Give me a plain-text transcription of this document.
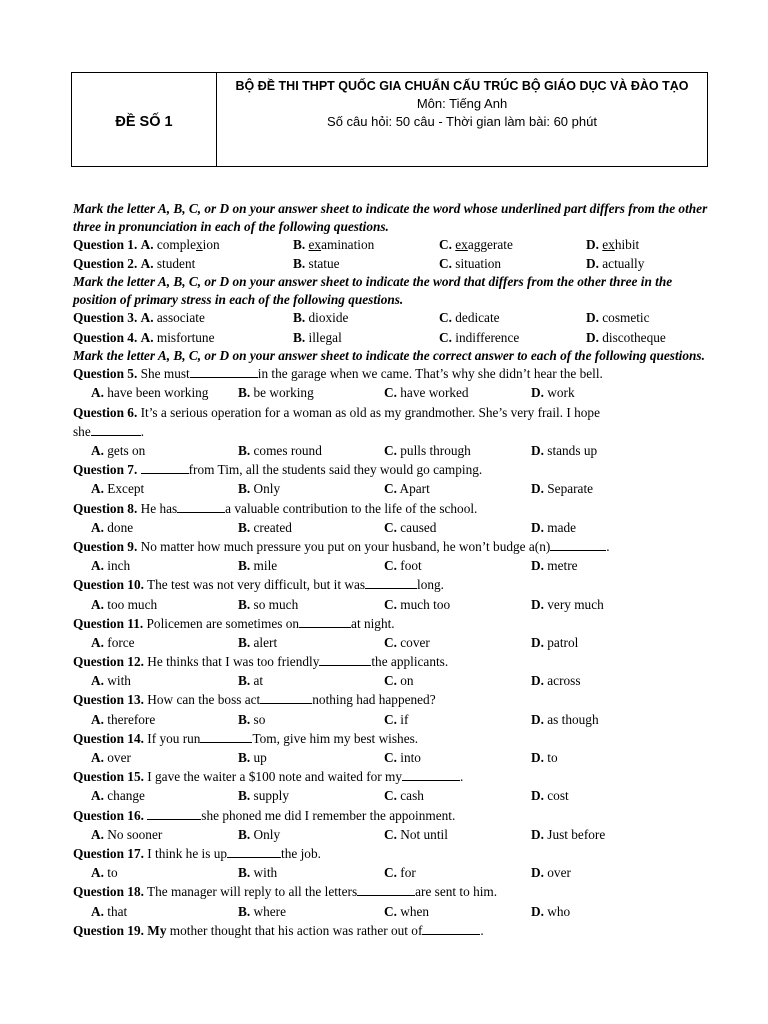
ĐỀ SỐ 1
BỘ ĐỀ THI THPT QUỐC GIA CHUẨN CẤU TRÚC BỘ GIÁO DỤC VÀ ĐÀO TẠO
Môn: Tiếng Anh
Số câu hỏi: 50 câu - Thời gian làm bài: 60 phút
Mark the letter A, B, C, or D on your answer sheet to indicate the word whose underlined part differs from the other three in pronunciation in each of the following questions.
Question 1. A. complexion	B. examination	C. exaggerate	D. exhibit
Question 2. A. student	B. statue	C. situation	D. actually
Mark the letter A, B, C, or D on your answer sheet to indicate the word that differs from the other three in the position of primary stress in each of the following questions.
Question 3. A. associate	B. dioxide	C. dedicate	D. cosmetic
Question 4. A. misfortune	B. illegal	C. indifference	D. discotheque
Mark the letter A, B, C, or D on your answer sheet to indicate the correct answer to each of the following questions.
Question 5. She must	in the garage when we came. That’s why she didn’t hear the bell.
A. have been working B. be working	C. have worked	D. work
Question 6. It’s a serious operation for a woman as old as my grandmother. She’s very frail. I hope
she	.
A. gets on	B. comes round	C. pulls through	D. stands up
Question 7.	from Tim, all the students said they would go camping.
A. Except	B. Only	C. Apart	D. Separate
Question 8. He has	a valuable contribution to the life of the school.
A. done	B. created	C. caused	D. made
Question 9. No matter how much pressure you put on your husband, he won’t budge a(n)	.
A. inch	B. mile	C. foot	D. metre
Question 10. The test was not very difficult, but it was	long.
A. too much	B. so much	C. much too	D. very much
Question 11. Policemen are sometimes on	at night.
A. force	B. alert	C. cover	D. patrol
Question 12. He thinks that I was too friendly	the applicants.
A. with	B. at	C. on	D. across
Question 13. How can the boss act	nothing had happened?
A. therefore	B. so	C. if	D. as though
Question 14. If you run	Tom, give him my best wishes.
A. over	B. up	C. into	D. to
Question 15. I gave the waiter a $100 note and waited for my	.
A. change	B. supply	C. cash	D. cost
Question 16.	she phoned me did I remember the appoinment.
A. No sooner	B. Only	C. Not until	D. Just before
Question 17. I think he is up	the job.
A. to	B. with	C. for	D. over
Question 18. The manager will reply to all the letters	are sent to him.
A. that	B. where	C. when	D. who
Question 19. My mother thought that his action was rather out of	.
